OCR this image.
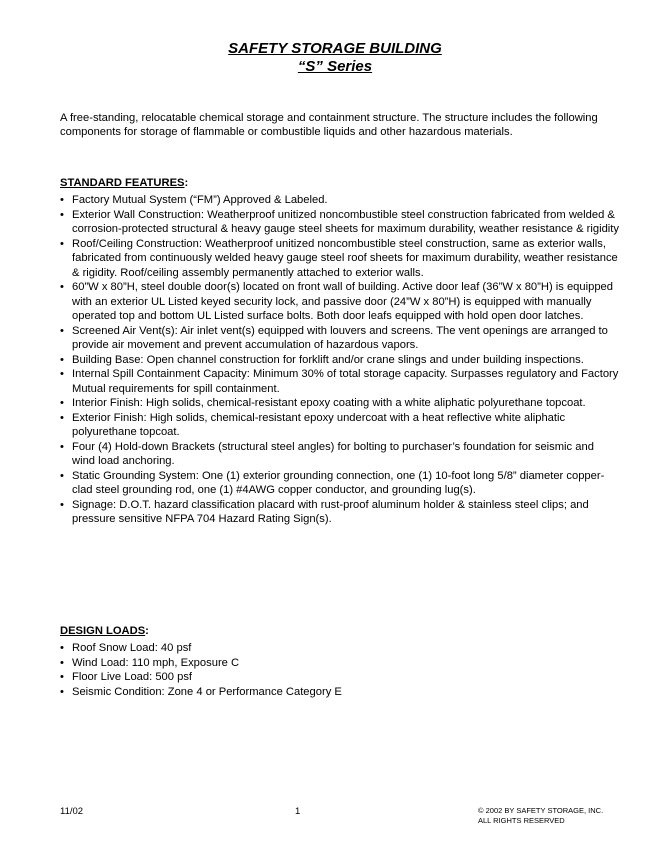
SAFETY STORAGE BUILDING
“S” Series
A free-standing, relocatable chemical storage and containment structure. The structure includes the following components for storage of flammable or combustible liquids and other hazardous materials.
STANDARD FEATURES:
• Factory Mutual System (“FM”) Approved & Labeled.
• Exterior Wall Construction: Weatherproof unitized noncombustible steel construction fabricated from welded & corrosion-protected structural & heavy gauge steel sheets for maximum durability, weather resistance & rigidity
• Roof/Ceiling Construction: Weatherproof unitized noncombustible steel construction, same as exterior walls, fabricated from continuously welded heavy gauge steel roof sheets for maximum durability, weather resistance & rigidity. Roof/ceiling assembly permanently attached to exterior walls.
• 60”W x 80”H, steel double door(s) located on front wall of building. Active door leaf (36”W x 80”H) is equipped with an exterior UL Listed keyed security lock, and passive door (24”W x 80”H) is equipped with manually operated top and bottom UL Listed surface bolts. Both door leafs equipped with hold open door latches.
• Screened Air Vent(s): Air inlet vent(s) equipped with louvers and screens. The vent openings are arranged to provide air movement and prevent accumulation of hazardous vapors.
• Building Base: Open channel construction for forklift and/or crane slings and under building inspections.
• Internal Spill Containment Capacity: Minimum 30% of total storage capacity. Surpasses regulatory and Factory Mutual requirements for spill containment.
• Interior Finish: High solids, chemical-resistant epoxy coating with a white aliphatic polyurethane topcoat.
• Exterior Finish: High solids, chemical-resistant epoxy undercoat with a heat reflective white aliphatic polyurethane topcoat.
• Four (4) Hold-down Brackets (structural steel angles) for bolting to purchaser’s foundation for seismic and wind load anchoring.
• Static Grounding System: One (1) exterior grounding connection, one (1) 10-foot long 5/8” diameter copper-clad steel grounding rod, one (1) #4AWG copper conductor, and grounding lug(s).
• Signage: D.O.T. hazard classification placard with rust-proof aluminum holder & stainless steel clips; and pressure sensitive NFPA 704 Hazard Rating Sign(s).
DESIGN LOADS:
• Roof Snow Load: 40 psf
• Wind Load: 110 mph, Exposure C
• Floor Live Load: 500 psf
• Seismic Condition: Zone 4 or Performance Category E
11/02	1	© 2002 BY SAFETY STORAGE, INC.
ALL RIGHTS RESERVED
